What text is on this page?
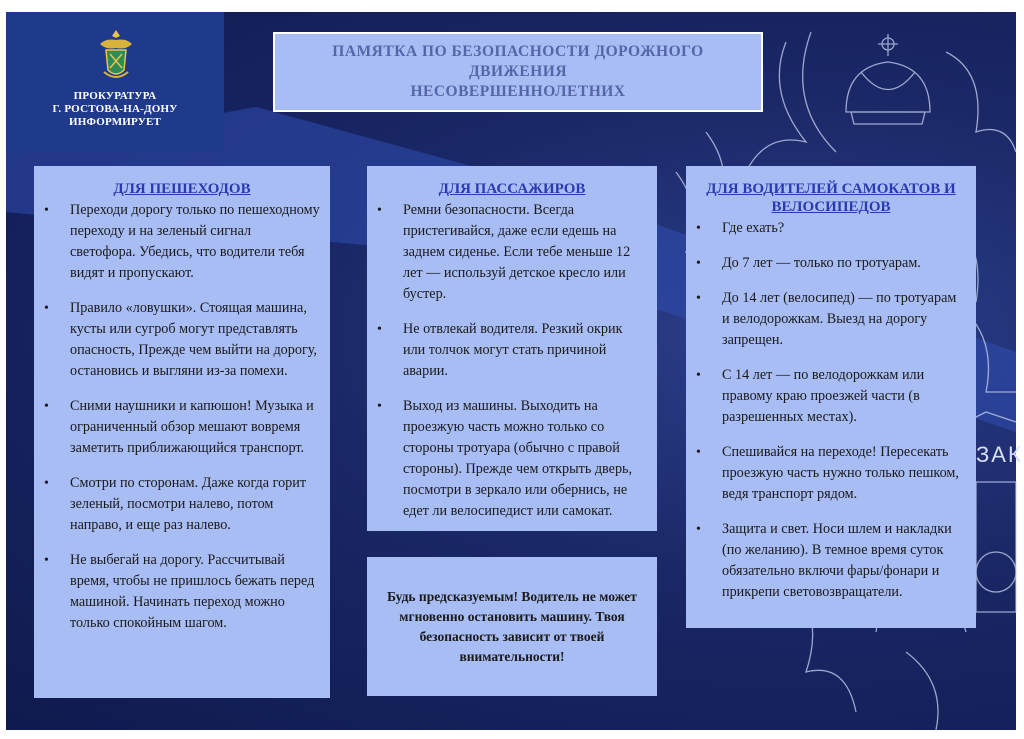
ЗАК
ПРОКУРАТУРА
Г. РОСТОВА-НА-ДОНУ
ИНФОРМИРУЕТ
ПАМЯТКА ПО БЕЗОПАСНОСТИ ДОРОЖНОГО
ДВИЖЕНИЯ
НЕСОВЕРШЕННОЛЕТНИХ
ДЛЯ ПЕШЕХОДОВ
• Переходи дорогу только по пешеходному переходу и на зеленый сигнал светофора. Убедись, что водители тебя видят и пропускают.
• Правило «ловушки». Стоящая машина, кусты или сугроб могут представлять опасность, Прежде чем выйти на дорогу, остановись и выгляни из-за помехи.
• Сними наушники и капюшон! Музыка и ограниченный обзор мешают вовремя заметить приближающийся транспорт.
• Смотри по сторонам. Даже когда горит зеленый, посмотри налево, потом направо, и еще раз налево.
• Не выбегай на дорогу. Рассчитывай время, чтобы не пришлось бежать перед машиной. Начинать переход можно только спокойным шагом.
ДЛЯ ПАССАЖИРОВ
• Ремни безопасности. Всегда пристегивайся, даже если едешь на заднем сиденье. Если тебе меньше 12 лет — используй детское кресло или бустер.
• Не отвлекай водителя. Резкий окрик или толчок могут стать причиной аварии.
• Выход из машины. Выходить на проезжую часть можно только со стороны тротуара (обычно с правой стороны). Прежде чем открыть дверь, посмотри в зеркало или обернись, не едет ли велосипедист или самокат.
Будь предсказуемым! Водитель не может мгновенно остановить машину. Твоя безопасность зависит от твоей внимательности!
ДЛЯ ВОДИТЕЛЕЙ САМОКАТОВ И ВЕЛОСИПЕДОВ
• Где ехать?
• До 7 лет — только по тротуарам.
• До 14 лет (велосипед) — по тротуарам и велодорожкам. Выезд на дорогу запрещен.
• С 14 лет — по велодорожкам или правому краю проезжей части (в разрешенных местах).
• Спешивайся на переходе! Пересекать проезжую часть нужно только пешком, ведя транспорт рядом.
• Защита и свет. Носи шлем и накладки (по желанию). В темное время суток обязательно включи фары/фонари и прикрепи световозвращатели.
